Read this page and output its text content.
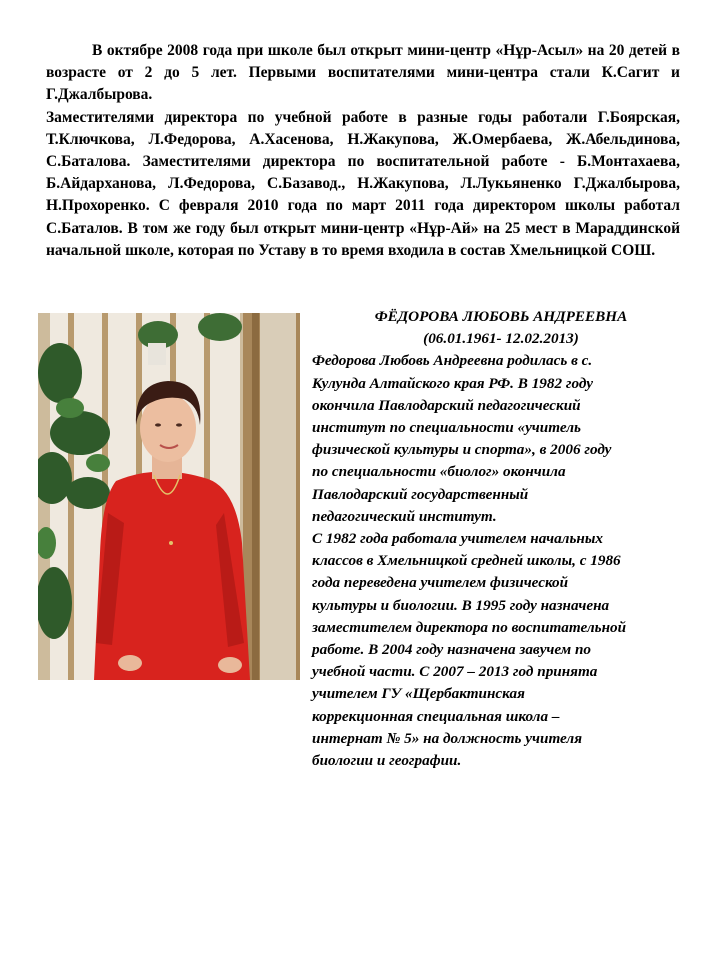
В октябре 2008 года при школе был открыт мини-центр «Нұр-Асыл» на 20 детей в возрасте от 2 до 5 лет. Первыми воспитателями мини-центра стали К.Сагит и Г.Джалбырова.

Заместителями директора по учебной работе в разные годы работали Г.Боярская, Т.Ключкова, Л.Федорова, А.Хасенова, Н.Жакупова, Ж.Омербаева, Ж.Абельдинова, С.Баталова. Заместителями директора по воспитательной работе - Б.Монтахаева, Б.Айдарханова, Л.Федорова, С.Базавод., Н.Жакупова, Л.Лукьяненко Г.Джалбырова, Н.Прохоренко. С февраля 2010 года по март 2011 года директором школы работал С.Баталов. В том же году был открыт мини-центр «Нұр-Ай» на 25 мест в Мараддинской начальной школе, которая по Уставу в то время входила в состав Хмельницкой СОШ.

ФЁДОРОВА ЛЮБОВЬ АНДРЕЕВНА

(06.01.1961- 12.02.2013)

Федорова Любовь Андреевна родилась в с.

Кулунда Алтайского края РФ. В 1982 году

окончила Павлодарский педагогический

институт по специальности «учитель

физической культуры и спорта», в 2006 году

по специальности «биолог» окончила

Павлодарский государственный

педагогический институт.

С 1982 года работала учителем начальных

классов в Хмельницкой средней школы, с 1986

года переведена учителем физической

культуры и биологии. В 1995 году назначена

заместителем директора по воспитательной

работе. В 2004 году назначена завучем по

учебной части. С 2007 – 2013 год принята

учителем ГУ «Щербактинская

коррекционная специальная школа –

интернат № 5» на должность учителя

биологии и географии.
